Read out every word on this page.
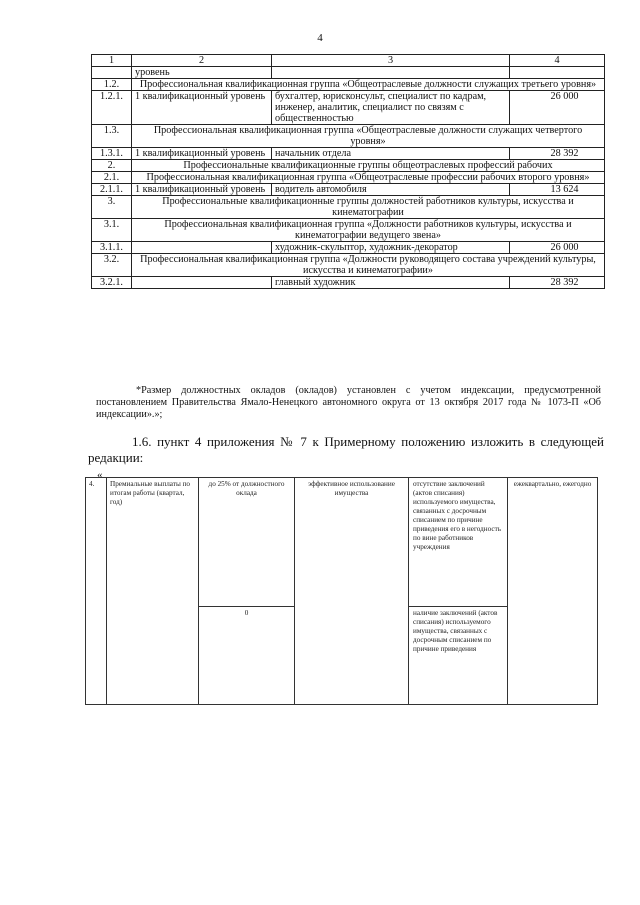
4
1	2	3	4
	уровень		
1.2.	Профессиональная квалификационная группа «Общеотраслевые должности служащих третьего уровня»		
1.2.1.	1 квалификационный уровень	бухгалтер, юрисконсульт, специалист по кадрам, инженер, аналитик, специалист по связям с общественностью	26 000
1.3.	Профессиональная квалификационная группа «Общеотраслевые должности служащих четвертого уровня»		
1.3.1.	1 квалификационный уровень	начальник отдела	28 392
2.	Профессиональные квалификационные группы общеотраслевых профессий рабочих		
2.1.	Профессиональная квалификационная группа «Общеотраслевые профессии рабочих второго уровня»		
2.1.1.	1 квалификационный уровень	водитель автомобиля	13 624
3.	Профессиональные квалификационные группы должностей работников культуры, искусства и кинематографии		
3.1.	Профессиональная квалификационная группа «Должности работников культуры, искусства и кинематографии ведущего звена»		
3.1.1.		художник-скульптор, художник-декоратор	26 000
3.2.	Профессиональная квалификационная группа «Должности руководящего состава учреждений культуры, искусства и кинематографии»		
3.2.1.		главный художник	28 392
*Размер должностных окладов (окладов) установлен с учетом индексации, предусмотренной постановлением Правительства Ямало-Ненецкого автономного округа от 13 октября 2017 года № 1073-П «Об индексации».»;
1.6. пункт 4 приложения № 7 к Примерному положению изложить в следующей редакции:
«
4.	Премиальные выплаты по итогам работы (квартал, год)	до 25% от должностного оклада	эффективное использование имущества	отсутствие заключений (актов списания) используемого имущества, связанных с досрочным списанием по причине приведения его в негодность по вине работников учреждения	ежеквартально, ежегодно
		0		наличие заключений (актов списания) используемого имущества, связанных с досрочным списанием по причине приведения	
